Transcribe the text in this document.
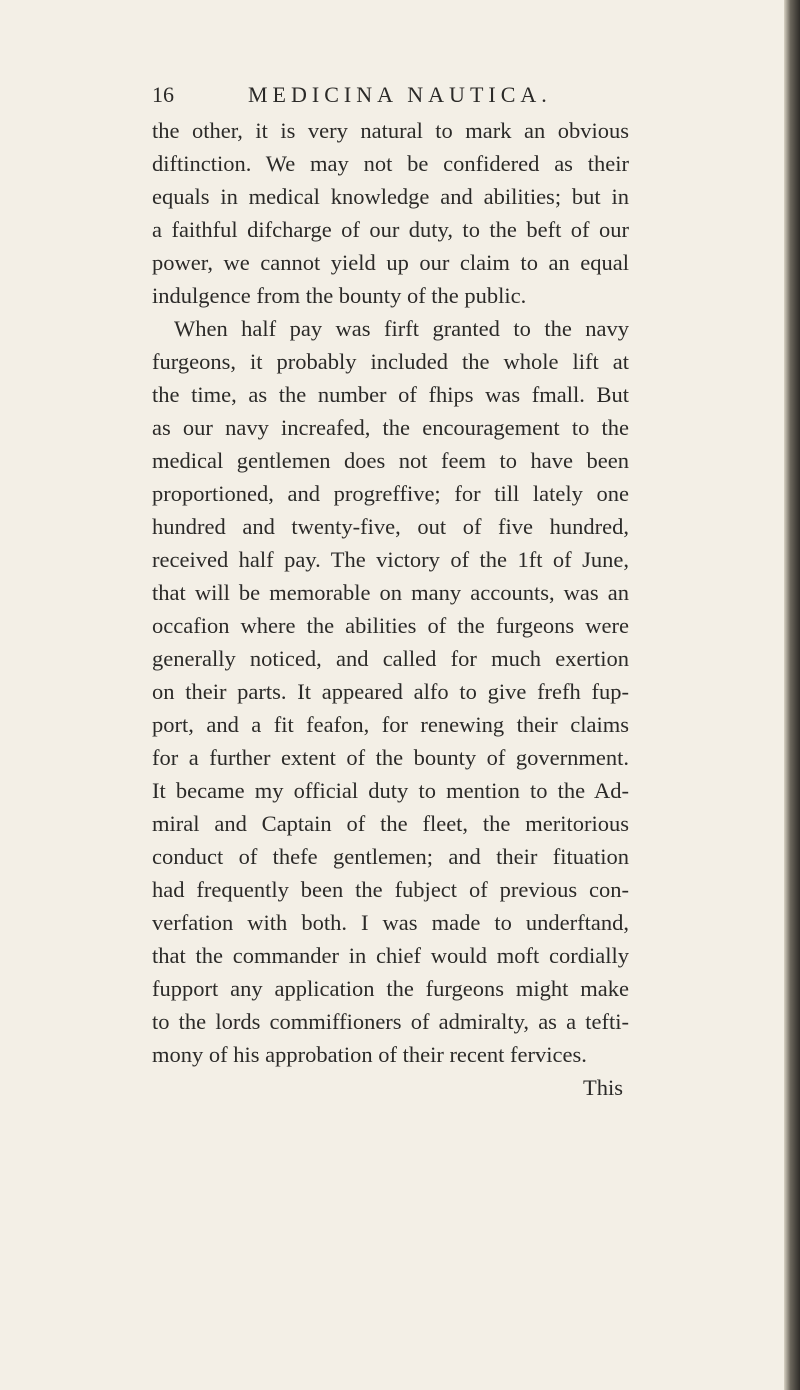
16	MEDICINA NAUTICA.
the other, it is very natural to mark an obvious
diftinction. We may not be confidered as their
equals in medical knowledge and abilities; but in
a faithful difcharge of our duty, to the beft of our
power, we cannot yield up our claim to an equal
indulgence from the bounty of the public.
When half pay was firft granted to the navy
furgeons, it probably included the whole lift at
the time, as the number of fhips was fmall. But
as our navy increafed, the encouragement to the
medical gentlemen does not feem to have been
proportioned, and progreffive; for till lately one
hundred and twenty-five, out of five hundred,
received half pay. The victory of the 1ft of June,
that will be memorable on many accounts, was an
occafion where the abilities of the furgeons were
generally noticed, and called for much exertion
on their parts. It appeared alfo to give frefh fup-
port, and a fit feafon, for renewing their claims
for a further extent of the bounty of government.
It became my official duty to mention to the Ad-
miral and Captain of the fleet, the meritorious
conduct of thefe gentlemen; and their fituation
had frequently been the fubject of previous con-
verfation with both. I was made to underftand,
that the commander in chief would moft cordially
fupport any application the furgeons might make
to the lords commiffioners of admiralty, as a tefti-
mony of his approbation of their recent fervices.
This
